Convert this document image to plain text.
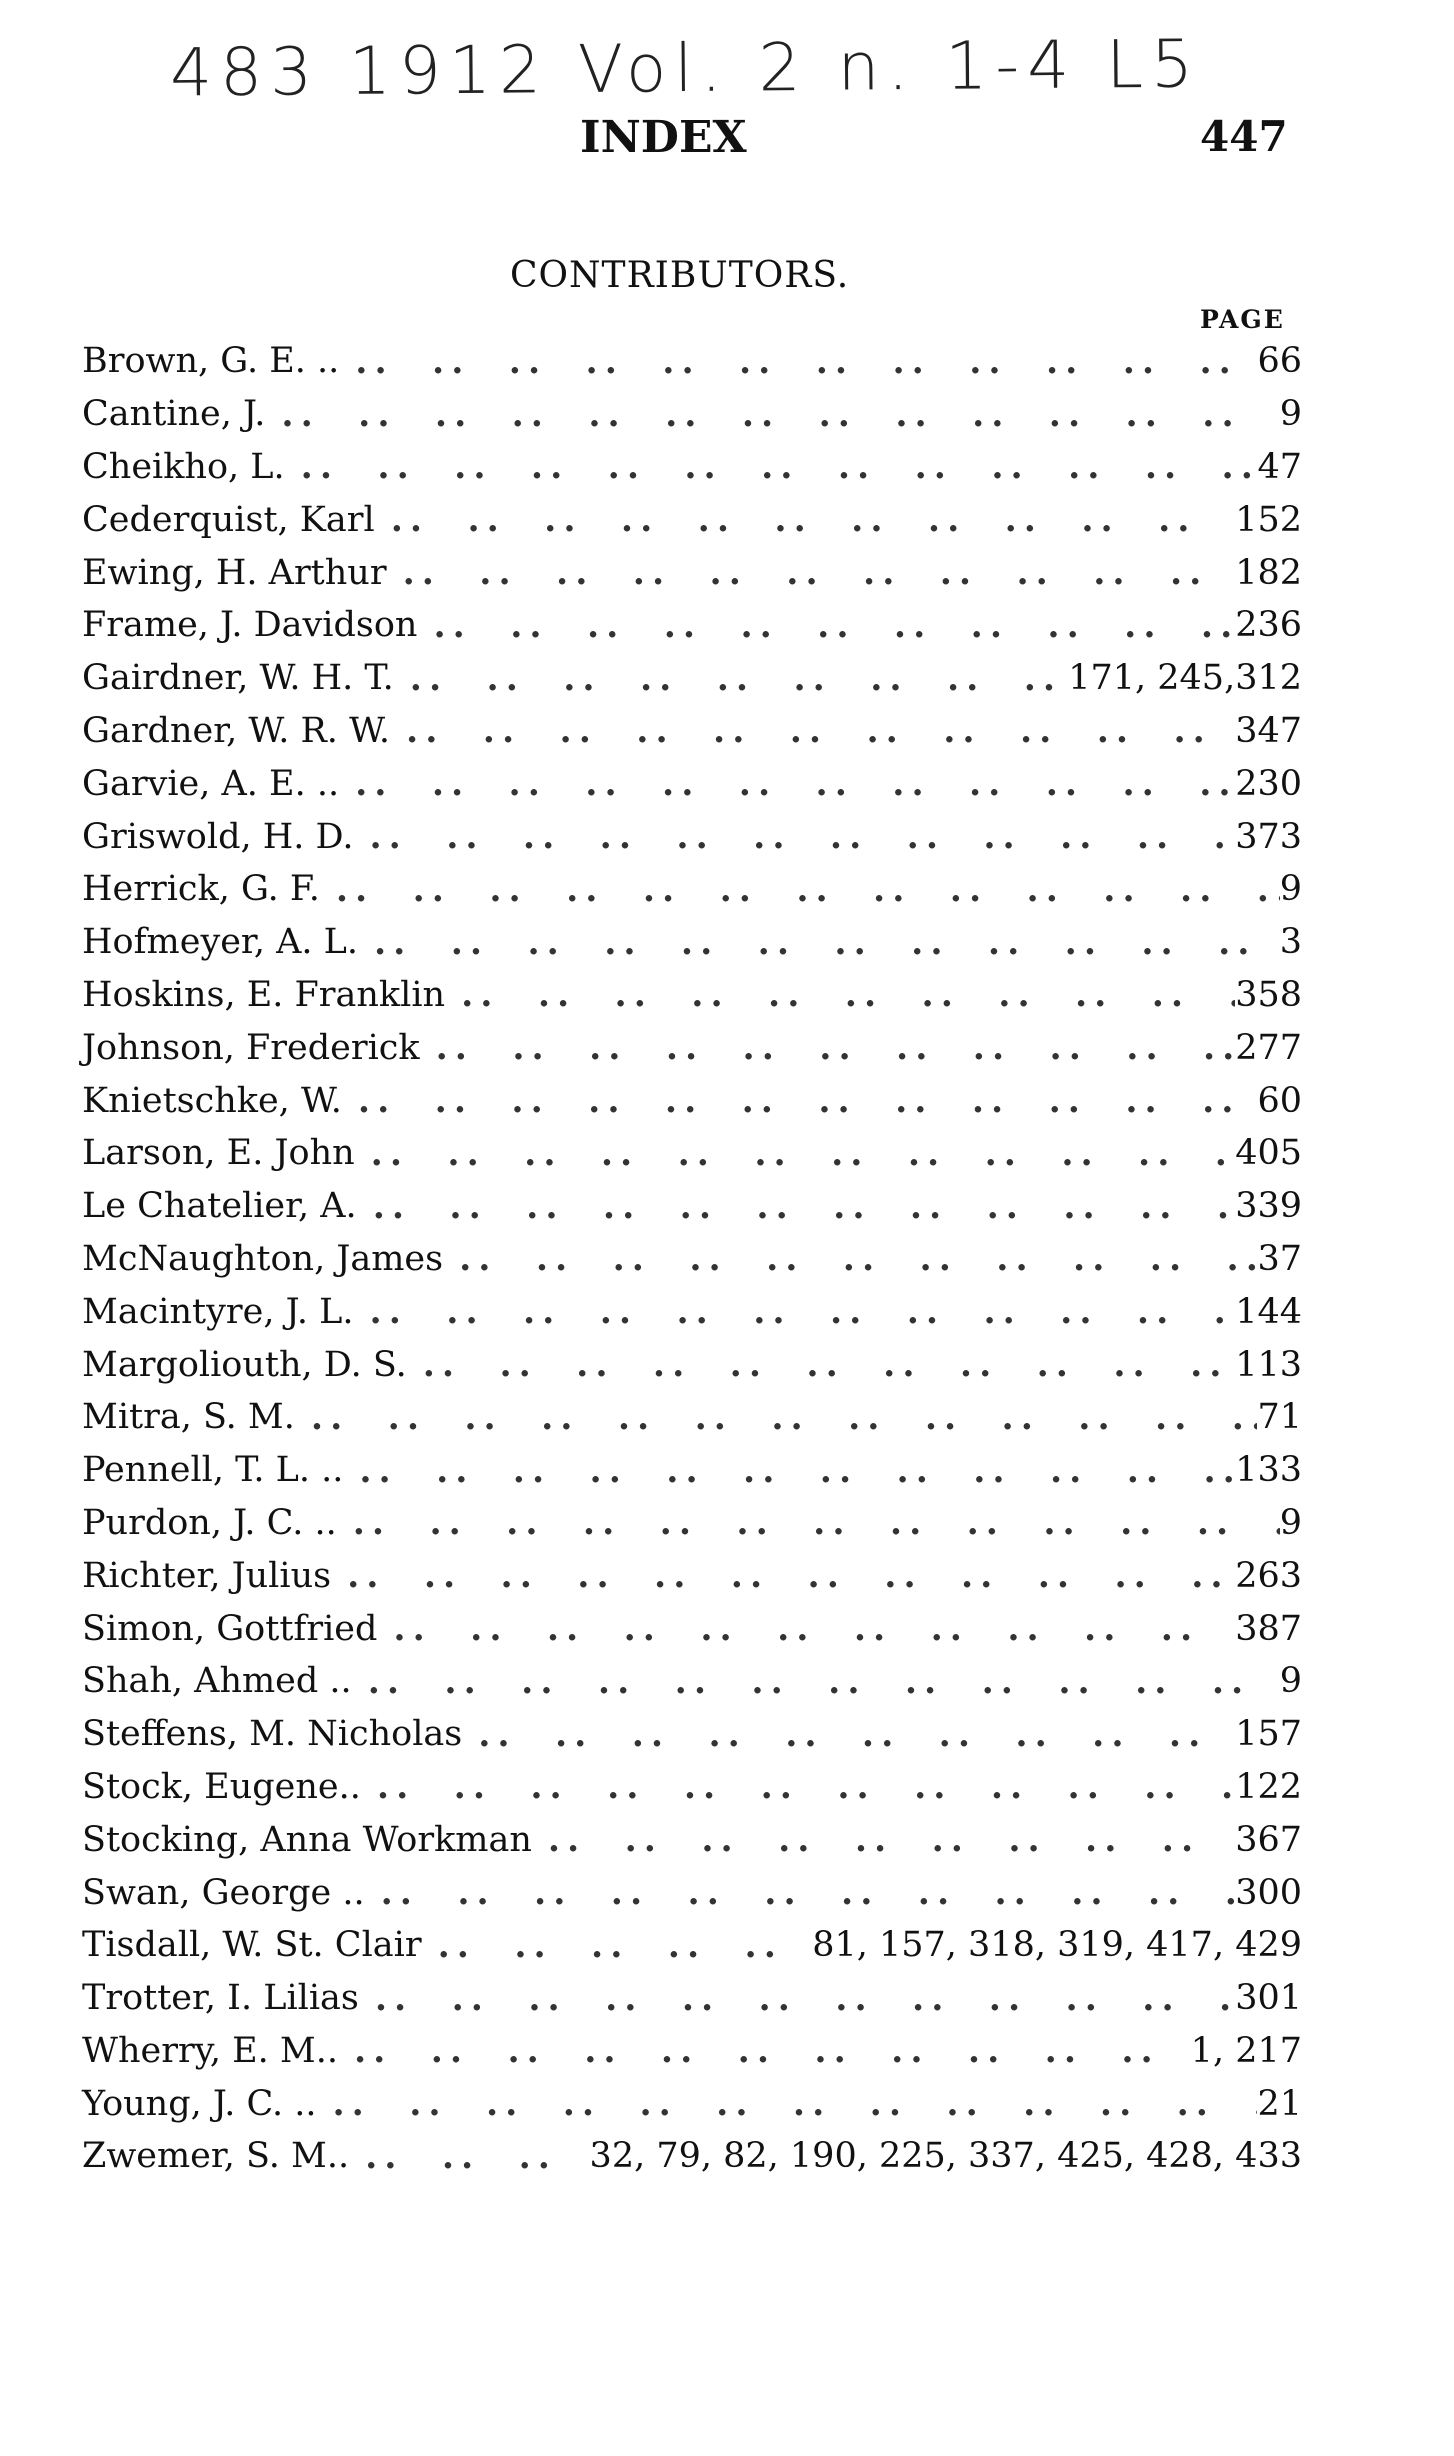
483 1912 Vol. 2 n. 1-4 L5
INDEX	447
CONTRIBUTORS.
PAGE
Brown, G. E. .. ..  .	66
Cantine, J. ..  .	9
Cheikho, L. ..  .	47
Cederquist, Karl ..  .	152
Ewing, H. Arthur ..  .	182
Frame, J. Davidson ..  .	236
Gairdner, W. H. T. ..  .	171, 245,312
Gardner, W. R. W. ..  .	347
Garvie, A. E. .. ..  .	230
Griswold, H. D. ..  .	373
Herrick, G. F. ..  .	9
Hofmeyer, A. L. ..  .	3
Hoskins, E. Franklin ..  .	358
Johnson, Frederick ..  .	277
Knietschke, W. ..  .	60
Larson, E. John ..  .	405
Le Chatelier, A. ..  .	339
McNaughton, James ..  .	37
Macintyre, J. L. ..  .	144
Margoliouth, D. S. ..  .	113
Mitra, S. M. ..  .	71
Pennell, T. L. .. ..  .	133
Purdon, J. C. .. ..  .	9
Richter, Julius ..  .	263
Simon, Gottfried ..  .	387
Shah, Ahmed .. ..  .	9
Steffens, M. Nicholas ..  .	157
Stock, Eugene.. ..  .	122
Stocking, Anna Workman ..  .	367
Swan, George .. ..  .	300
Tisdall, W. St. Clair ..  .	81, 157, 318, 319, 417, 429
Trotter, I. Lilias ..  .	301
Wherry, E. M.. ..  .	1, 217
Young, J. C. .. ..  .	21
Zwemer, S. M.. ..  .	32, 79, 82, 190, 225, 337, 425, 428, 433
